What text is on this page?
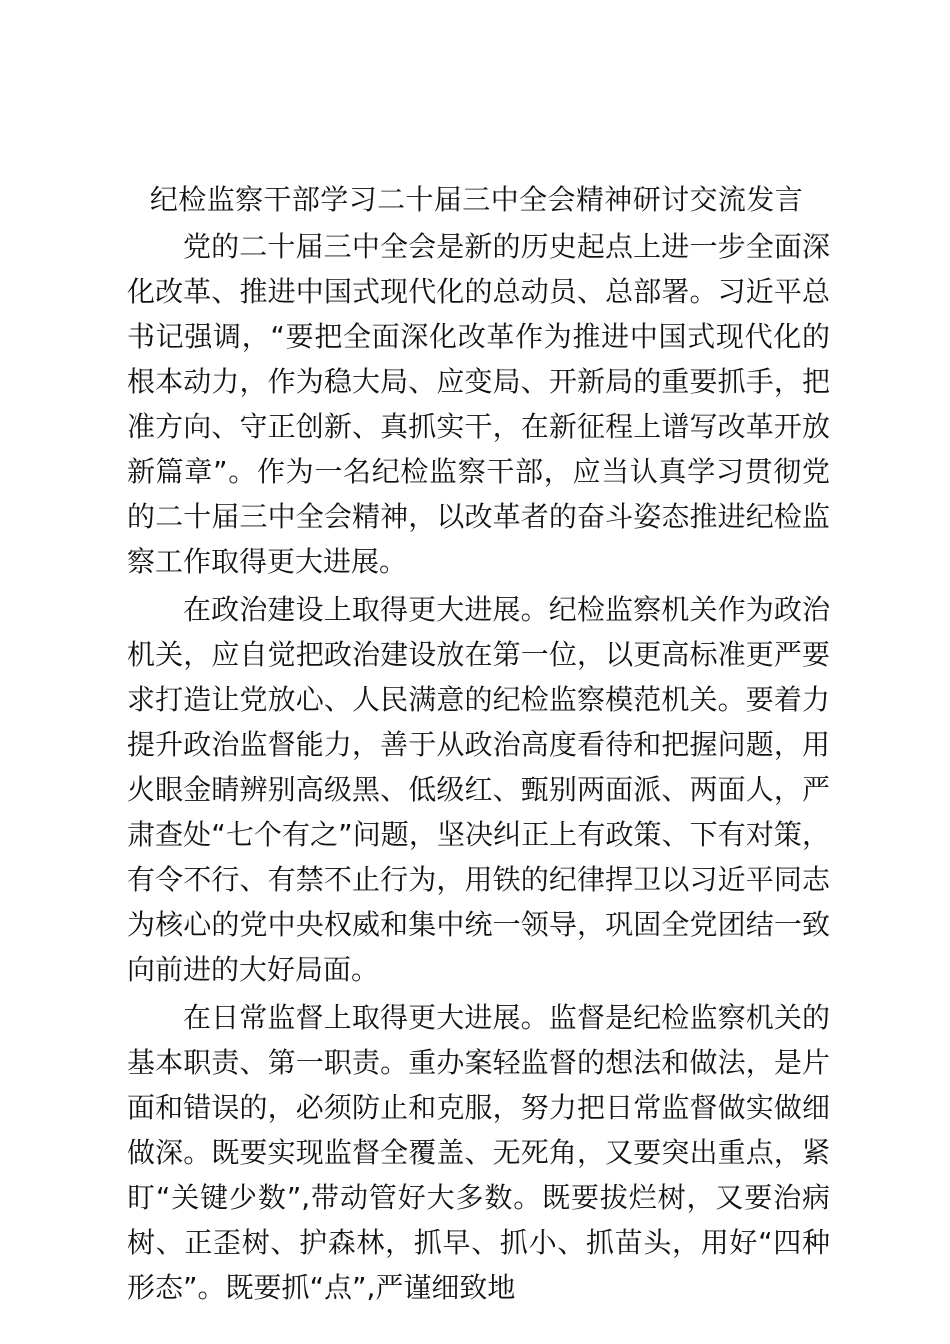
纪检监察干部学习二十届三中全会精神研讨交流发言

党的二十届三中全会是新的历史起点上进一步全面深化改革、推进中国式现代化的总动员、总部署。习近平总书记强调，“要把全面深化改革作为推进中国式现代化的根本动力，作为稳大局、应变局、开新局的重要抓手，把准方向、守正创新、真抓实干，在新征程上谱写改革开放新篇章”。作为一名纪检监察干部，应当认真学习贯彻党的二十届三中全会精神，以改革者的奋斗姿态推进纪检监察工作取得更大进展。

在政治建设上取得更大进展。纪检监察机关作为政治机关，应自觉把政治建设放在第一位，以更高标准更严要求打造让党放心、人民满意的纪检监察模范机关。要着力提升政治监督能力，善于从政治高度看待和把握问题，用火眼金睛辨别高级黑、低级红、甄别两面派、两面人，严肃查处“七个有之”问题，坚决纠正上有政策、下有对策，有令不行、有禁不止行为，用铁的纪律捍卫以习近平同志为核心的党中央权威和集中统一领导，巩固全党团结一致向前进的大好局面。

在日常监督上取得更大进展。监督是纪检监察机关的基本职责、第一职责。重办案轻监督的想法和做法，是片面和错误的，必须防止和克服，努力把日常监督做实做细做深。既要实现监督全覆盖、无死角，又要突出重点，紧盯“关键少数”,带动管好大多数。既要拔烂树，又要治病树、正歪树、护森林，抓早、抓小、抓苗头，用好“四种形态”。既要抓“点”,严谨细致地
